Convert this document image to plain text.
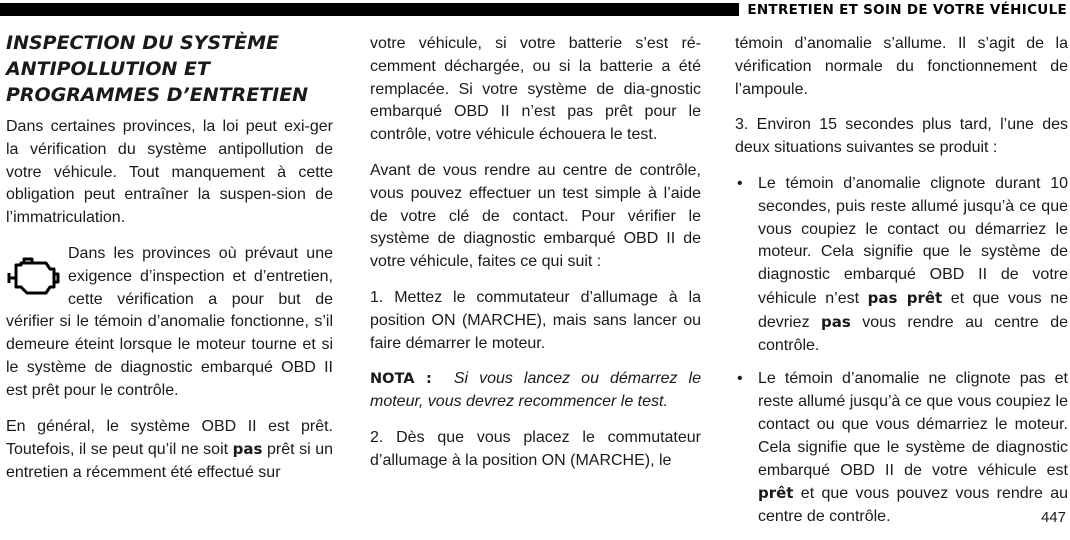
ENTRETIEN ET SOIN DE VOTRE VÉHICULE
INSPECTION DU SYSTÈME ANTIPOLLUTION ET PROGRAMMES D’ENTRETIEN

Dans certaines provinces, la loi peut exi-ger la vérification du système antipollution de votre véhicule. Tout manquement à cette obligation peut entraîner la suspen-sion de l’immatriculation.

Dans les provinces où prévaut une exigence d’inspection et d’entretien, cette vérification a pour but de vérifier si le témoin d’anomalie fonctionne, s’il demeure éteint lorsque le moteur tourne et si le système de diagnostic embarqué OBD II est prêt pour le contrôle.

En général, le système OBD II est prêt. Toutefois, il se peut qu’il ne soit pas prêt si un entretien a récemment été effectué sur

votre véhicule, si votre batterie s’est ré-cemment déchargée, ou si la batterie a été remplacée. Si votre système de dia-gnostic embarqué OBD II n’est pas prêt pour le contrôle, votre véhicule échouera le test.

Avant de vous rendre au centre de contrôle, vous pouvez effectuer un test simple à l’aide de votre clé de contact. Pour vérifier le système de diagnostic embarqué OBD II de votre véhicule, faites ce qui suit :

1. Mettez le commutateur d’allumage à la position ON (MARCHE), mais sans lancer ou faire démarrer le moteur.

NOTA : Si vous lancez ou démarrez le moteur, vous devrez recommencer le test.

2. Dès que vous placez le commutateur d’allumage à la position ON (MARCHE), le

témoin d’anomalie s’allume. Il s’agit de la vérification normale du fonctionnement de l’ampoule.

3. Environ 15 secondes plus tard, l’une des deux situations suivantes se produit :

• Le témoin d’anomalie clignote durant 10 secondes, puis reste allumé jusqu’à ce que vous coupiez le contact ou démarriez le moteur. Cela signifie que le système de diagnostic embarqué OBD II de votre véhicule n’est pas prêt et que vous ne devriez pas vous rendre au centre de contrôle.
• Le témoin d’anomalie ne clignote pas et reste allumé jusqu’à ce que vous coupiez le contact ou que vous démarriez le moteur. Cela signifie que le système de diagnostic embarqué OBD II de votre véhicule est prêt et que vous pouvez vous rendre au centre de contrôle.	447
